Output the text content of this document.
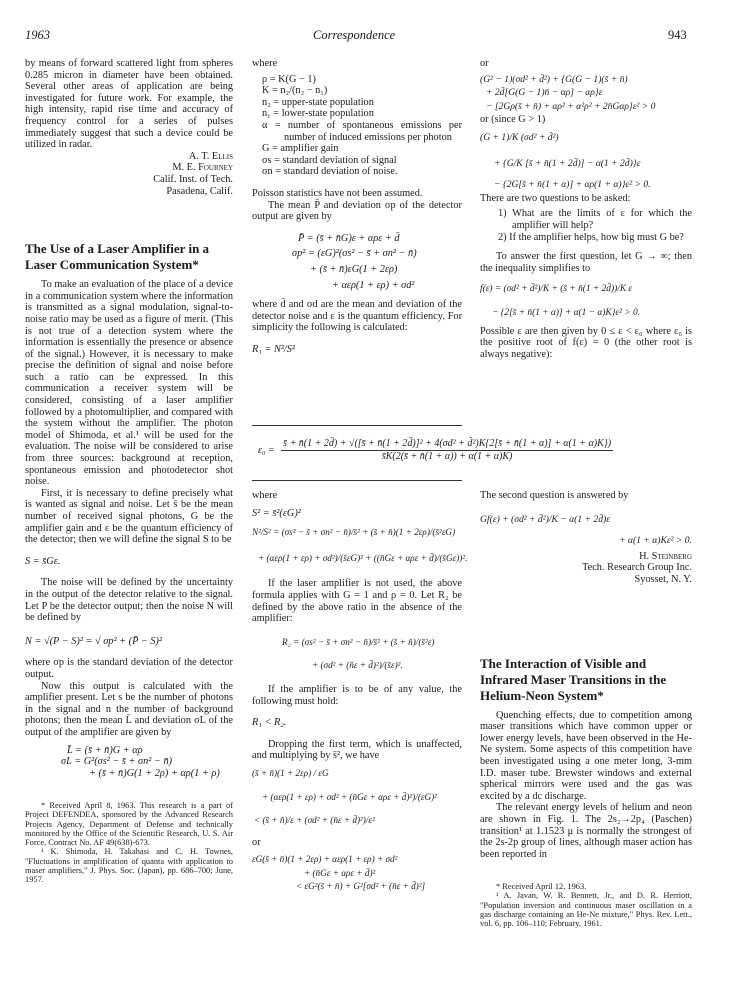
1963	Correspondence	943

by means of forward scattered light from spheres 0.285 micron in diameter have been obtained. Several other areas of application are being investigated for future work. For example, the high intensity, rapid rise time and accuracy of frequency control for a series of pulses immediately suggest that such a device could be utilized in radar.

A. T. Ellis
M. E. Fourney
Calif. Inst. of Tech.
Pasadena, Calif.
The Use of a Laser Amplifier in a Laser Communication System*

To make an evaluation of the place of a device in a communication system where the information is transmitted as a signal modulation, signal-to-noise ratio may be used as a figure of merit. (This is not true of a detection system where the information is essentially the presence or absence of the signal.) However, it is necessary to make precise the definition of signal and noise before such a ratio can be expressed. In this communication a receiver system will be considered, consisting of a laser amplifier followed by a photomultiplier, and compared with the system without the amplifier. The photon model of Shimoda, et al.¹ will be used for the evaluation. The noise will be considered to arise from three sources: background at reception, spontaneous emission and photodetector shot noise.

First, it is necessary to define precisely what is wanted as signal and noise. Let s̄ be the mean number of received signal photons, G be the amplifier gain and ε be the quantum efficiency of the detector; then we will define the signal S to be

S = s̄Gε.

The noise will be defined by the uncertainty in the output of the detector relative to the signal. Let P be the detector output; then the noise N will be defined by

N = √(P − S)² = √ σp² + (P̄ − S)²

where σp is the standard deviation of the detector output.

Now this output is calculated with the amplifier present. Let s be the number of photons in the signal and n the number of background photons; then the mean L̄ and deviation σL of the output of the amplifier are given by

L̄ = (s̄ + n̄)G + αρ
σL = G²(σs² − s̄ + σn² − n̄)
+ (s̄ + n̄)G(1 + 2ρ) + αρ(1 + ρ)

* Received April 8, 1963. This research is a part of Project DEFENDEA, sponsored by the Advanced Research Projects Agency, Department of Defense and technically monitored by the Office of the Scientific Research, U. S. Air Force, Contract No. AF 49(638)-673.

¹ K. Shimoda, H. Takahasi and C. H. Townes, "Fluctuations in amplification of quanta with application to maser amplifiers," J. Phys. Soc. (Japan), pp. 686–700; June, 1957.

where
ρ = K(G − 1)
K = n₂/(n₂ − n₁)
n₂ = upper-state population
n₁ = lower-state population
α = number of spontaneous emissions per number of induced emissions per photon
G = amplifier gain
σs = standard deviation of signal
σn = standard deviation of noise.

Poisson statistics have not been assumed.

The mean P̄ and deviation σp of the detector output are given by

P̄ = (s̄ + n̄G)ε + αρε + d̄
σp² = (εG)²(σs² − s̄ + σn² − n̄)
+ (s̄ + n̄)εG(1 + 2ερ)
+ αερ(1 + ερ) + σd²

where d̄ and σd are the mean and deviation of the detector noise and ε is the quantum efficiency. For simplicity the following is calculated:

R₁ = N²/S²
ε₀ =
s̄ + n̄(1 + 2d̄) + √([s̄ + n̄(1 + 2d̄)]² + 4(σd² + d̄²)K{2[s̄ + n̄(1 + α)] + α(1 + α)K})
s̄K(2(s̄ + n̄(1 + α)) + α(1 + α)K)
where
S² = s̄²(εG)²
N²/S² = (σs² − s̄ + σn² − n̄)/s̄² + (s̄ + n̄)(1 + 2ερ)/(s̄²εG)
+ (αερ(1 + ερ) + σd²)/(s̄εG)² + ((n̄Gε + αρε + d̄)/(s̄Gε))².

If the laser amplifier is not used, the above formula applies with G = 1 and ρ = 0. Let R₂ be defined by the above ratio in the absence of the amplifier:

R₂ = (σs² − s̄ + σn² − n̄)/s̄² + (s̄ + n̄)/(s̄²ε)
+ (σd² + (n̄ε + d̄)²)/(s̄ε)².

If the amplifier is to be of any value, the following must hold:

R₁ < R₂.

Dropping the first term, which is unaffected, and multiplying by s̄², we have

(s̄ + n̄)(1 + 2ερ) / εG
+ (αερ(1 + ερ) + σd² + (n̄Gε + αρε + d̄)²)/(εG)²
< (s̄ + n̄)/ε + (σd² + (n̄ε + d̄)²)/ε²
or
εG(s̄ + n̄)(1 + 2ερ) + αερ(1 + ερ) + σd²
+ (n̄Gε + αρε + d̄)²
< εG²(s̄ + n̄) + G²[σd² + (n̄ε + d̄)²]
or
(G² − 1)(σd² + d̄²) + {G(G − 1)(s̄ + n̄)
+ 2d̄[G(G − 1)n̄ − αρ] − αρ}ε
− [2Gρ(s̄ + n̄) + αρ² + α²ρ² + 2n̄Gαρ]ε² > 0
or (since G > 1)
(G + 1)/K (σd² + d̄²)
+ {G/K [s̄ + n̄(1 + 2d̄)] − α(1 + 2d̄)}ε
− {2G[s̄ + n̄(1 + α)] + αρ(1 + α)}ε² > 0.

There are two questions to be asked:

1) What are the limits of ε for which the amplifier will help?
2) If the amplifier helps, how big must G be?

To answer the first question, let G → ∞; then the inequality simplifies to

f(ε) = (σd² + d̄²)/K + (s̄ + n̄(1 + 2d̄))/K ε
− {2[s̄ + n̄(1 + α)] + α(1 − α)K}ε² > 0.

Possible ε are then given by 0 ≤ ε < ε₀ where ε₀ is the positive root of f(ε) = 0 (the other root is always negative):

The second question is answered by

Gf(ε) + (σd² + d̄²)/K − α(1 + 2d̄)ε
+ α(1 + α)Kε² > 0.
H. Steinberg
Tech. Research Group Inc.
Syosset, N. Y.
The Interaction of Visible and Infrared Maser Transitions in the Helium-Neon System*

Quenching effects, due to competition among maser transitions which have common upper or lower energy levels, have been observed in the He-Ne system. Some aspects of this competition have been investigated using a one meter long, 3-mm I.D. maser tube. Brewster windows and external spherical mirrors were used and the gas was excited by a dc discharge.

The relevant energy levels of helium and neon are shown in Fig. 1. The 2s₂→2p₄ (Paschen) transition¹ at 1.1523 μ is normally the strongest of the 2s-2p group of lines, although maser action has been reported in

* Received April 12, 1963.

¹ A. Javan, W. R. Bennett, Jr., and D. R. Herriott, "Population inversion and continuous maser oscillation in a gas discharge containing an He-Ne mixture," Phys. Rev. Lett., vol. 6, pp. 106–110; February, 1961.
